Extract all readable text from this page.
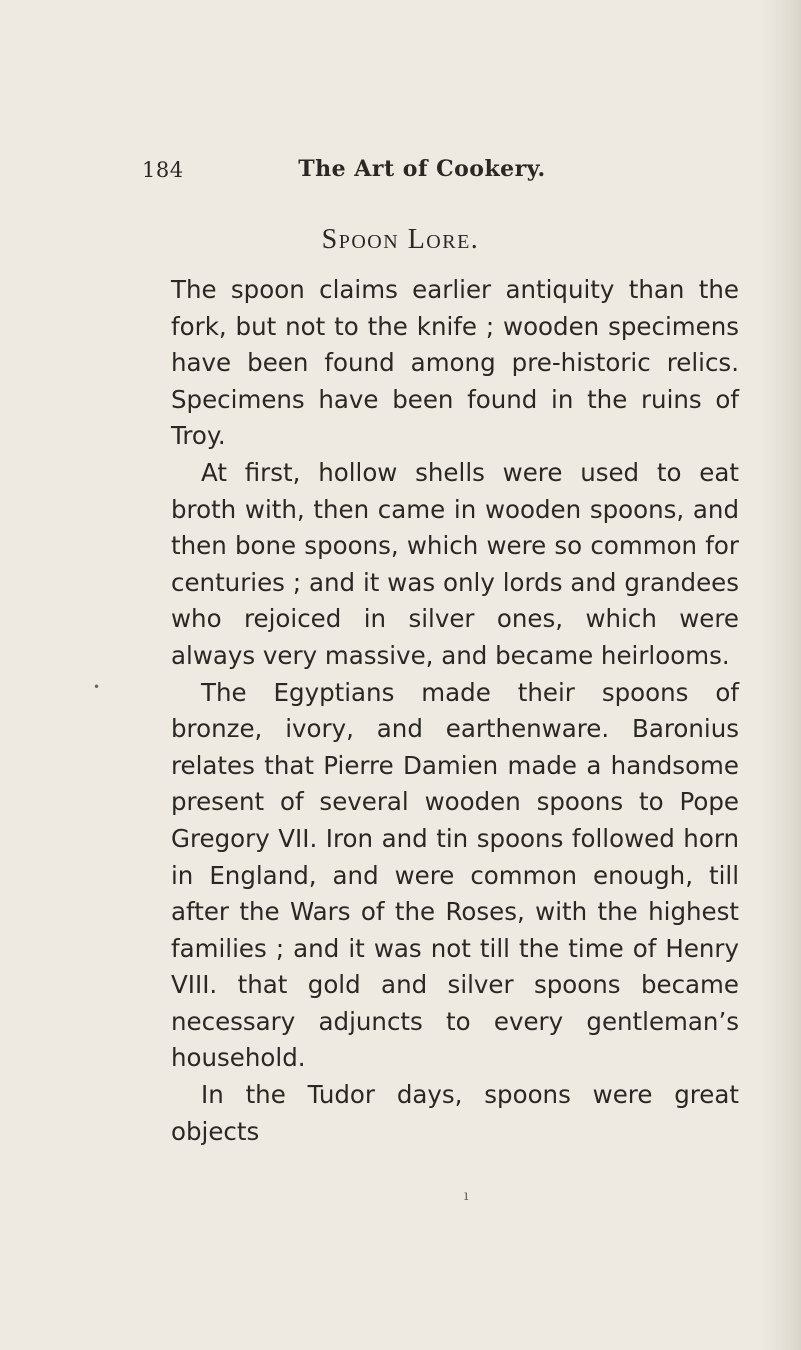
184	The Art of Cookery.
Spoon Lore.

The spoon claims earlier antiquity than the fork, but not to the knife ; wooden specimens have been found among pre-historic relics. Specimens have been found in the ruins of Troy.

At first, hollow shells were used to eat broth with, then came in wooden spoons, and then bone spoons, which were so common for centuries ; and it was only lords and grandees who rejoiced in silver ones, which were always very massive, and became heirlooms.

The Egyptians made their spoons of bronze, ivory, and earthenware. Baronius relates that Pierre Damien made a handsome present of several wooden spoons to Pope Gregory VII. Iron and tin spoons followed horn in England, and were common enough, till after the Wars of the Roses, with the highest families ; and it was not till the time of Henry VIII. that gold and silver spoons became necessary adjuncts to every gentleman’s household.

In the Tudor days, spoons were great objects

•
ı
